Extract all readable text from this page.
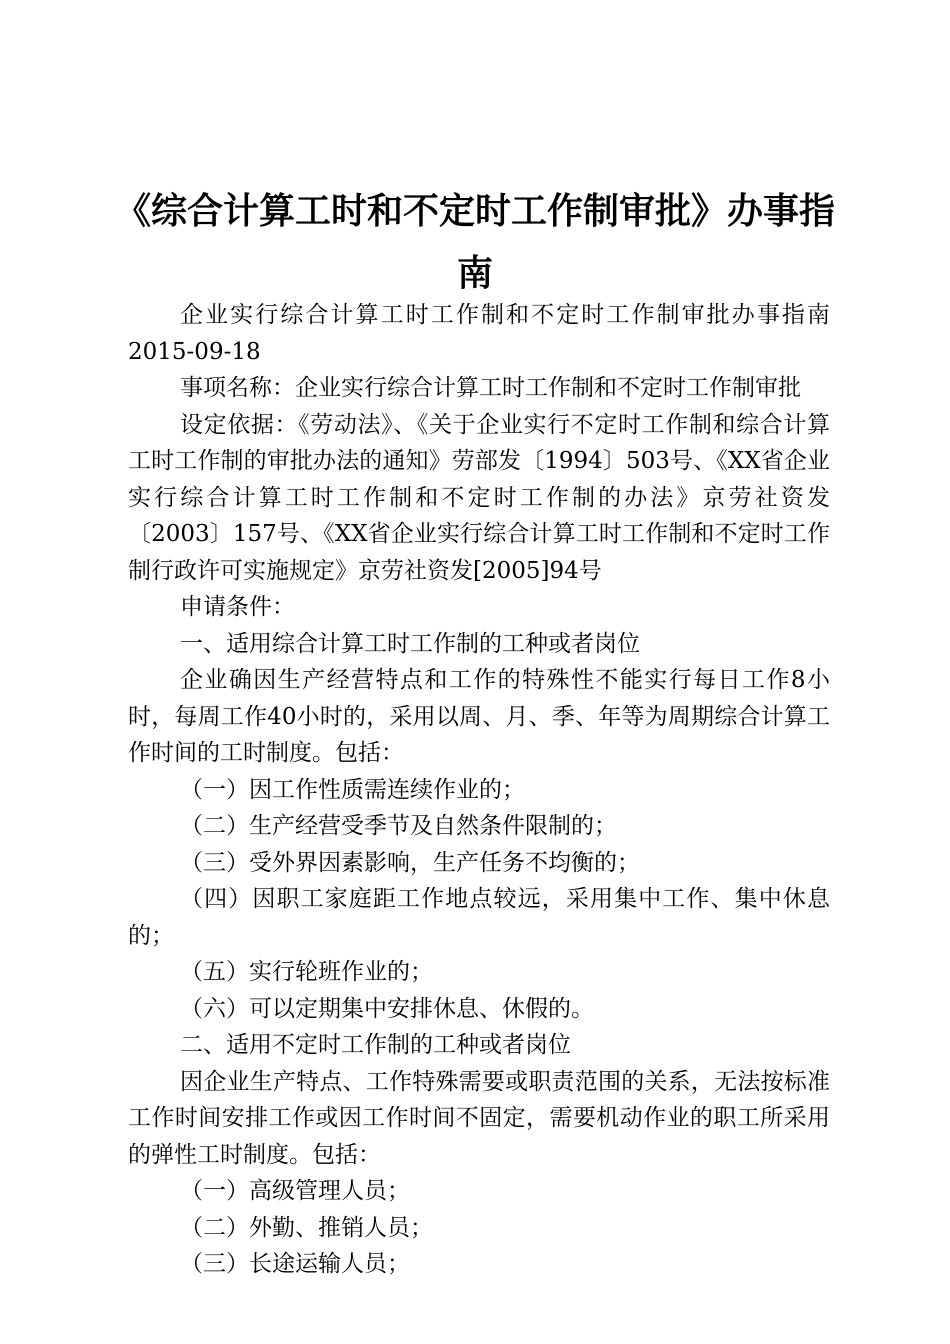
《综合计算工时和不定时工作制审批》办事指南

企业实行综合计算工时工作制和不定时工作制审批办事指南 2015-09-18

事项名称：企业实行综合计算工时工作制和不定时工作制审批

设定依据：《劳动法》、《关于企业实行不定时工作制和综合计算工时工作制的审批办法的通知》劳部发〔1994〕503号、《XX省企业实行综合计算工时工作制和不定时工作制的办法》京劳社资发〔2003〕157号、《XX省企业实行综合计算工时工作制和不定时工作制行政许可实施规定》京劳社资发[2005]94号

申请条件：

一、适用综合计算工时工作制的工种或者岗位

企业确因生产经营特点和工作的特殊性不能实行每日工作8小时，每周工作40小时的，采用以周、月、季、年等为周期综合计算工作时间的工时制度。包括：

（一）因工作性质需连续作业的；

（二）生产经营受季节及自然条件限制的；

（三）受外界因素影响，生产任务不均衡的；

（四）因职工家庭距工作地点较远，采用集中工作、集中休息的；

（五）实行轮班作业的；

（六）可以定期集中安排休息、休假的。

二、适用不定时工作制的工种或者岗位

因企业生产特点、工作特殊需要或职责范围的关系，无法按标准工作时间安排工作或因工作时间不固定，需要机动作业的职工所采用的弹性工时制度。包括：

（一）高级管理人员；

（二）外勤、推销人员；

（三）长途运输人员；
